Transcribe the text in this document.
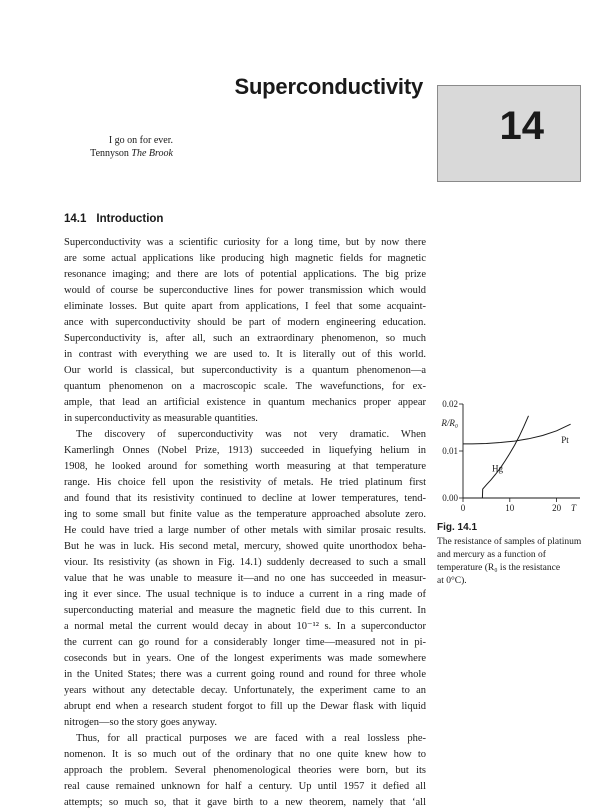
Superconductivity
14
I go on for ever.
Tennyson The Brook
14.1 Introduction
Superconductivity was a scientific curiosity for a long time, but by now there
are some actual applications like producing high magnetic fields for magnetic
resonance imaging; and there are lots of potential applications. The big prize
would of course be superconductive lines for power transmission which would
eliminate losses. But quite apart from applications, I feel that some acquaint-
ance with superconductivity should be part of modern engineering education.
Superconductivity is, after all, such an extraordinary phenomenon, so much
in contrast with everything we are used to. It is literally out of this world.
Our world is classical, but superconductivity is a quantum phenomenon—a
quantum phenomenon on a macroscopic scale. The wavefunctions, for ex-
ample, that lead an artificial existence in quantum mechanics proper appear
in superconductivity as measurable quantities.
The discovery of superconductivity was not very dramatic. When
Kamerlingh Onnes (Nobel Prize, 1913) succeeded in liquefying helium in
1908, he looked around for something worth measuring at that temperature
range. His choice fell upon the resistivity of metals. He tried platinum first
and found that its resistivity continued to decline at lower temperatures, tend-
ing to some small but finite value as the temperature approached absolute zero.
He could have tried a large number of other metals with similar prosaic results.
But he was in luck. His second metal, mercury, showed quite unorthodox beha-
viour. Its resistivity (as shown in Fig. 14.1) suddenly decreased to such a small
value that he was unable to measure it—and no one has succeeded in measur-
ing it ever since. The usual technique is to induce a current in a ring made of
superconducting material and measure the magnetic field due to this current. In
a normal metal the current would decay in about 10⁻¹² s. In a superconductor
the current can go round for a considerably longer time—measured not in pi-
coseconds but in years. One of the longest experiments was made somewhere
in the United States; there was a current going round and round for three whole
years without any detectable decay. Unfortunately, the experiment came to an
abrupt end when a research student forgot to fill up the Dewar flask with liquid
nitrogen—so the story goes anyway.
Thus, for all practical purposes we are faced with a real lossless phe-
nomenon. It is so much out of the ordinary that no one quite knew how to
approach the problem. Several phenomenological theories were born, but its
real cause remained unknown for half a century. Up until 1957 it defied all
attempts; so much so, that it gave birth to a new theorem, namely that ‘all
0.00
0.01
0.02
0	10	20
R/R₀
T
Pt
Hg
Fig. 14.1
The resistance of samples of platinum
and mercury as a function of
temperature (R₀ is the resistance
at 0°C).
